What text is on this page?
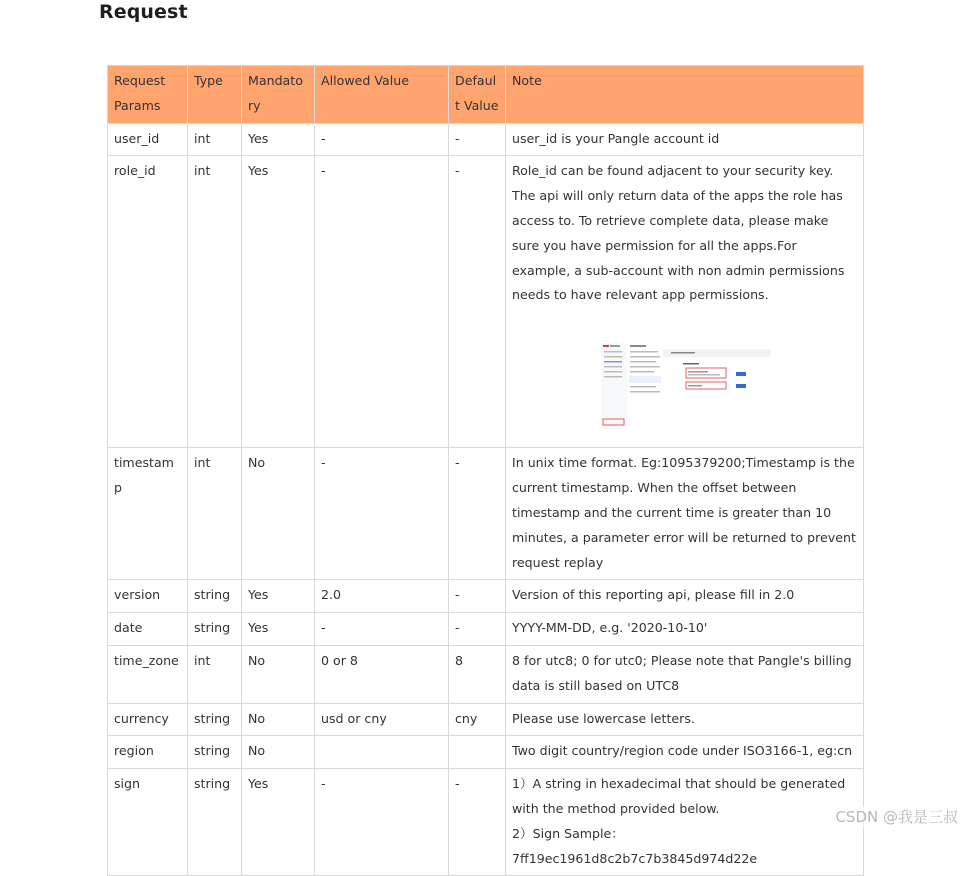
Request
Request Params	Type	Mandatory	Allowed Value	Default Value	Note
user_id	int	Yes	-	-	user_id is your Pangle account id
role_id	int	Yes	-	-	Role_id can be found adjacent to your security key. The api will only return data of the apps the role has access to. To retrieve complete data, please make sure you have permission for all the apps.For example, a sub-account with non admin permissions needs to have relevant app permissions.

timestamp	int	No	-	-	In unix time format. Eg:1095379200;Timestamp is the current timestamp. When the offset between timestamp and the current time is greater than 10 minutes, a parameter error will be returned to prevent request replay
version	string	Yes	2.0	-	Version of this reporting api, please fill in 2.0
date	string	Yes	-	-	YYYY-MM-DD, e.g. '2020-10-10'
time_zone	int	No	0 or 8	8	8 for utc8; 0 for utc0; Please note that Pangle's billing data is still based on UTC8
currency	string	No	usd or cny	cny	Please use lowercase letters.
region	string	No			Two digit country/region code under ISO3166-1, eg:cn
sign	string	Yes	-	-	1）A string in hexadecimal that should be generated with the method provided below.
2）Sign Sample：7ff19ec1961d8c2b7c7b3845d974d22e
CSDN @我是三叔
